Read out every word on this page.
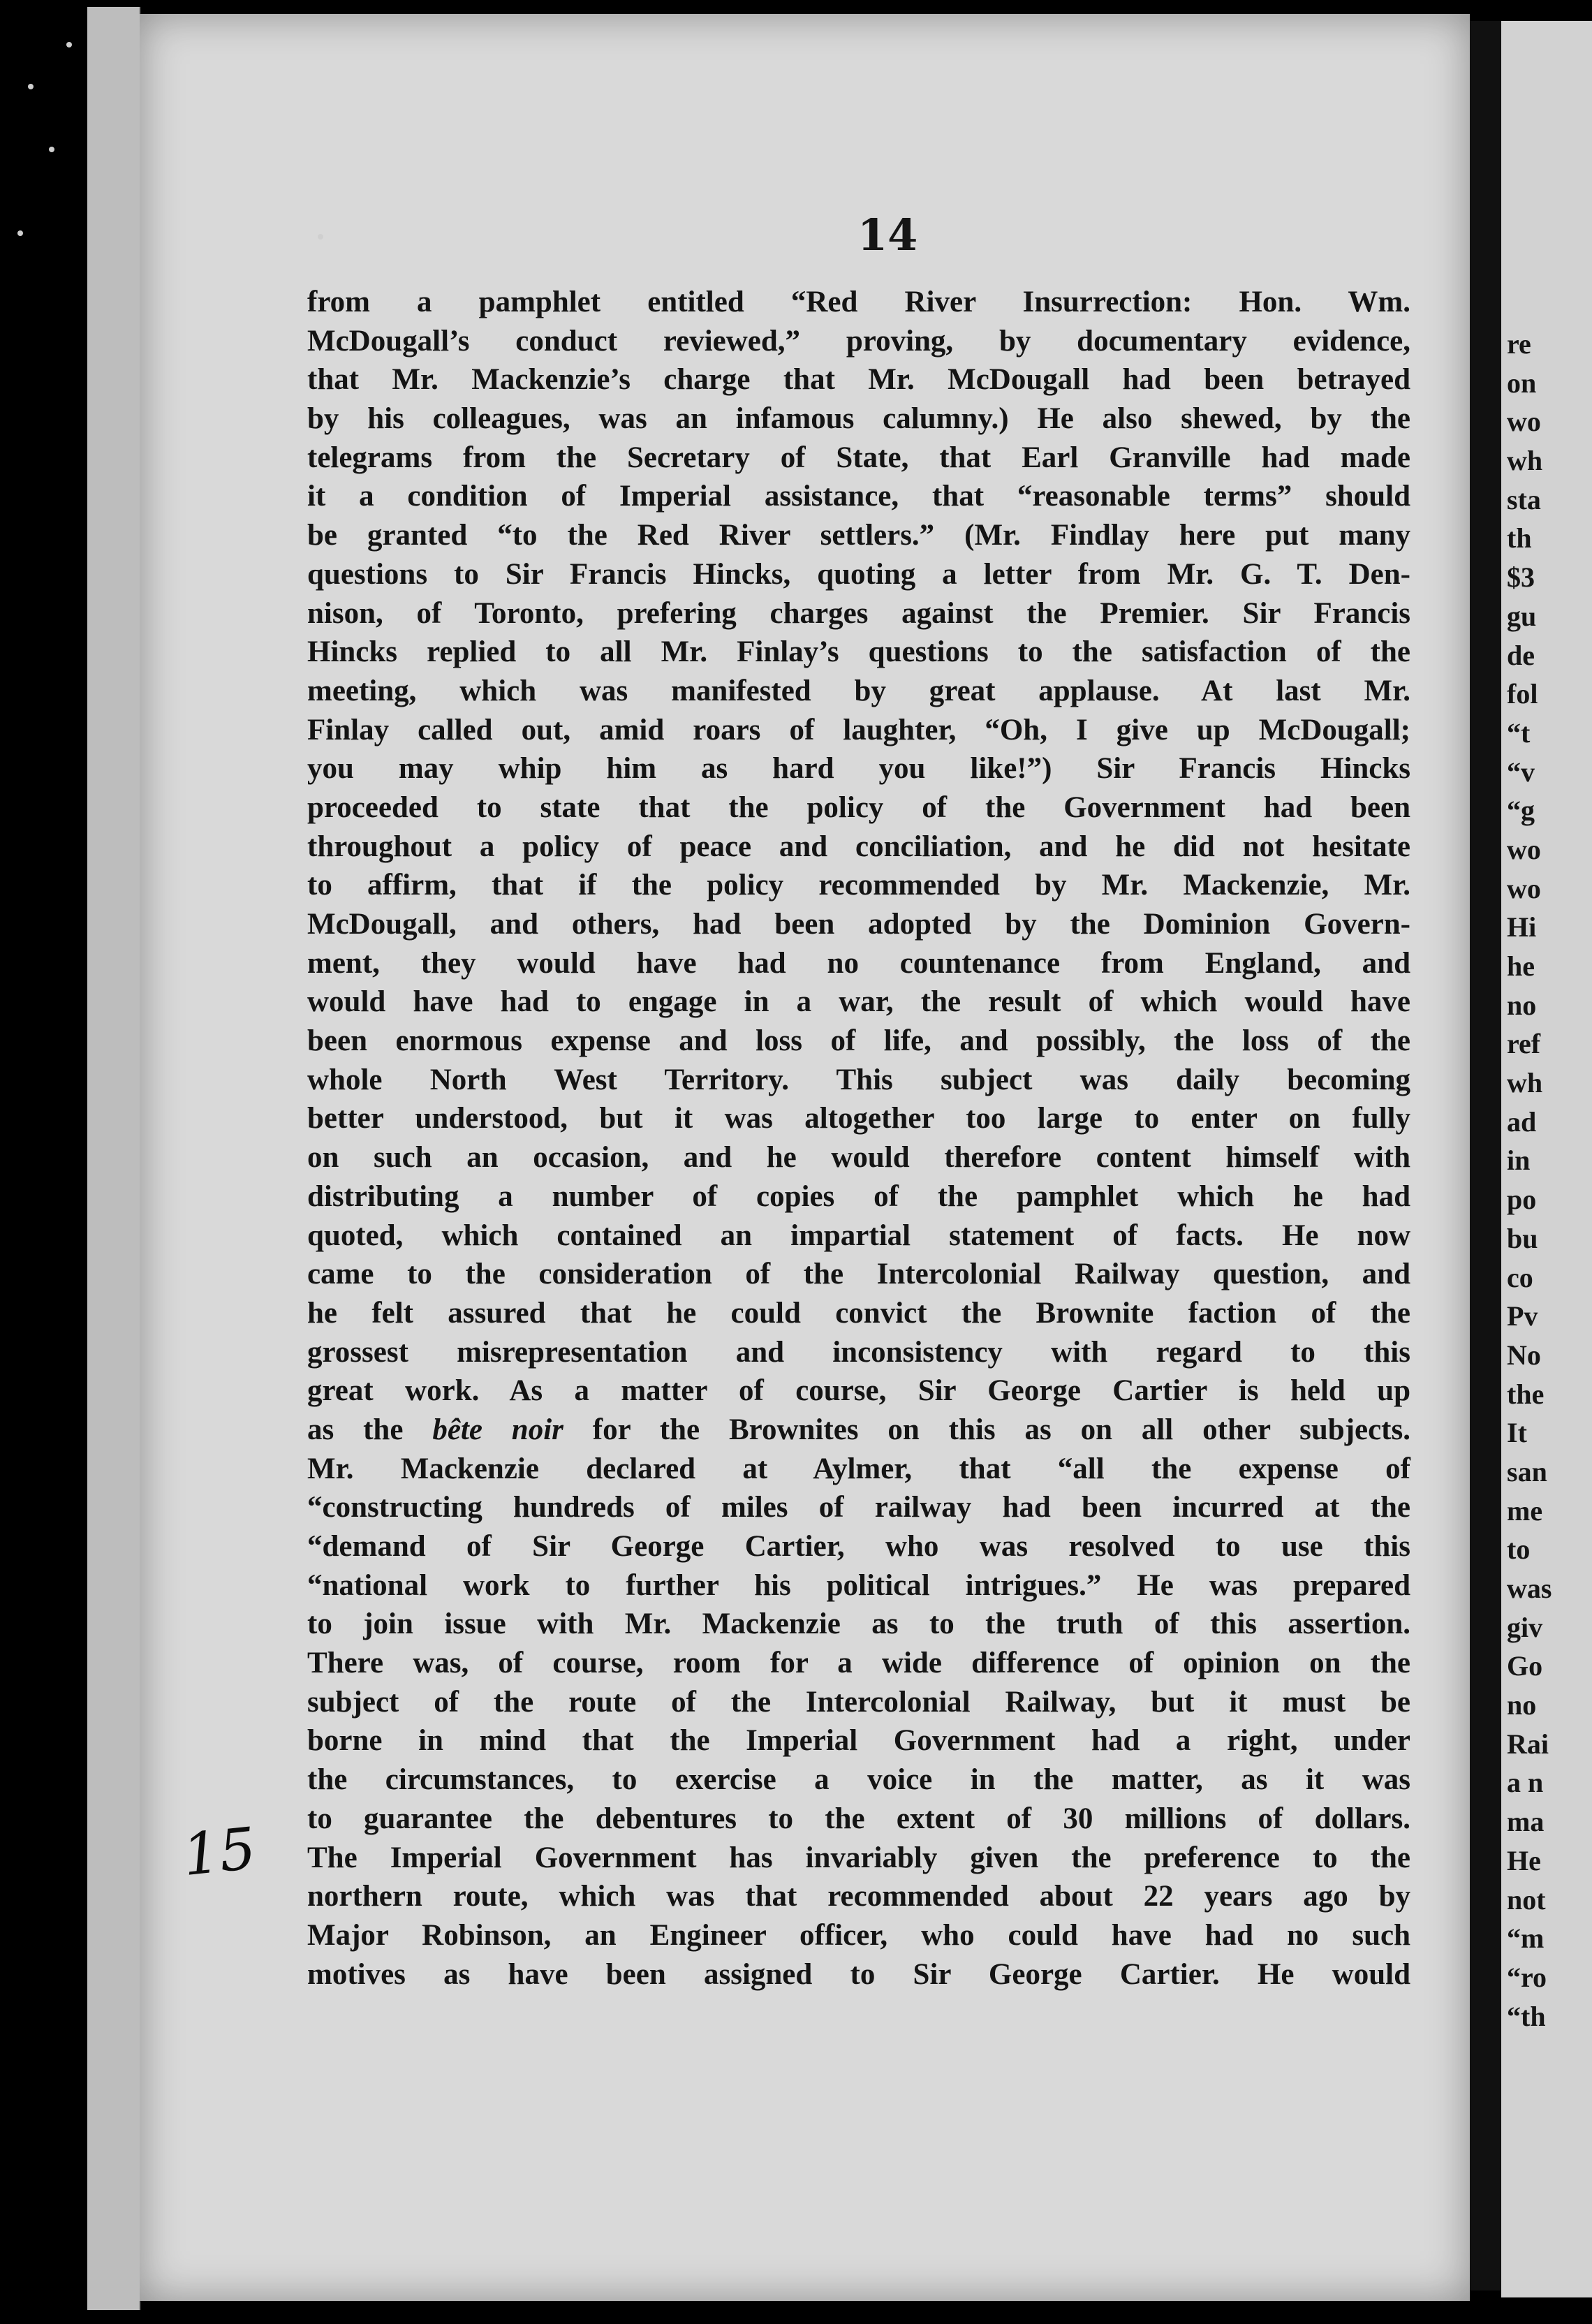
14
from a pamphlet entitled “Red River Insurrection: Hon. Wm.
McDougall’s conduct reviewed,” proving, by documentary evidence,
that Mr. Mackenzie’s charge that Mr. McDougall had been betrayed
by his colleagues, was an infamous calumny.) He also shewed, by the
telegrams from the Secretary of State, that Earl Granville had made
it a condition of Imperial assistance, that “reasonable terms” should
be granted “to the Red River settlers.” (Mr. Findlay here put many
questions to Sir Francis Hincks, quoting a letter from Mr. G. T. Den-
nison, of Toronto, prefering charges against the Premier. Sir Francis
Hincks replied to all Mr. Finlay’s questions to the satisfaction of the
meeting, which was manifested by great applause. At last Mr.
Finlay called out, amid roars of laughter, “Oh, I give up McDougall;
you may whip him as hard you like!”) Sir Francis Hincks
proceeded to state that the policy of the Government had been
throughout a policy of peace and conciliation, and he did not hesitate
to affirm, that if the policy recommended by Mr. Mackenzie, Mr.
McDougall, and others, had been adopted by the Dominion Govern-
ment, they would have had no countenance from England, and
would have had to engage in a war, the result of which would have
been enormous expense and loss of life, and possibly, the loss of the
whole North West Territory. This subject was daily becoming
better understood, but it was altogether too large to enter on fully
on such an occasion, and he would therefore content himself with
distributing a number of copies of the pamphlet which he had
quoted, which contained an impartial statement of facts. He now
came to the consideration of the Intercolonial Railway question, and
he felt assured that he could convict the Brownite faction of the
grossest misrepresentation and inconsistency with regard to this
great work. As a matter of course, Sir George Cartier is held up
as the bête noir for the Brownites on this as on all other subjects.
Mr. Mackenzie declared at Aylmer, that “all the expense of
“constructing hundreds of miles of railway had been incurred at the
“demand of Sir George Cartier, who was resolved to use this
“national work to further his political intrigues.” He was prepared
to join issue with Mr. Mackenzie as to the truth of this assertion.
There was, of course, room for a wide difference of opinion on the
subject of the route of the Intercolonial Railway, but it must be
borne in mind that the Imperial Government had a right, under
the circumstances, to exercise a voice in the matter, as it was
to guarantee the debentures to the extent of 30 millions of dollars.
The Imperial Government has invariably given the preference to the
northern route, which was that recommended about 22 years ago by
Major Robinson, an Engineer officer, who could have had no such
motives as have been assigned to Sir George Cartier. He would
15
re
on
wo
wh
sta
th
$3
gu
de
fol
“t
“v
“g
wo
wo
Hi
he
no
ref
wh
ad
in
po
bu
co
Pv
No
the
It
san
me
to
was
giv
Go
no
Rai
a n
ma
He
not
“m
“ro
“th
